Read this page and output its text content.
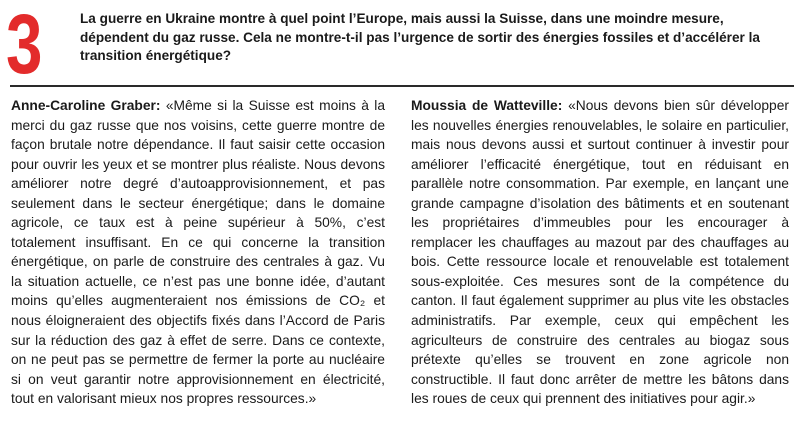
3	La guerre en Ukraine montre à quel point l’Europe, mais aussi la Suisse, dans une moindre mesure, dépendent du gaz russe. Cela ne montre-t-il pas l’urgence de sortir des énergies fossiles et d’accélérer la transition énergétique?
Anne-Caroline Graber: «Même si la Suisse est moins à la merci du gaz russe que nos voisins, cette guerre montre de façon brutale notre dépendance. Il faut saisir cette occasion pour ouvrir les yeux et se montrer plus réaliste. Nous devons améliorer notre degré d’autoapprovisionnement, et pas seulement dans le secteur énergétique; dans le domaine agricole, ce taux est à peine supérieur à 50%, c’est totalement insuffisant. En ce qui concerne la transition énergétique, on parle de construire des centrales à gaz. Vu la situation actuelle, ce n’est pas une bonne idée, d’autant moins qu’elles augmenteraient nos émissions de CO₂ et nous éloigneraient des objectifs fixés dans l’Accord de Paris sur la réduction des gaz à effet de serre. Dans ce contexte, on ne peut pas se permettre de fermer la porte au nucléaire si on veut garantir notre approvisionnement en électricité, tout en valorisant mieux nos propres ressources.»
Moussia de Watteville: «Nous devons bien sûr développer les nouvelles énergies renouvelables, le solaire en particulier, mais nous devons aussi et surtout continuer à investir pour améliorer l’efficacité énergétique, tout en réduisant en parallèle notre consommation. Par exemple, en lançant une grande campagne d’isolation des bâtiments et en soutenant les propriétaires d’immeubles pour les encourager à remplacer les chauffages au mazout par des chauffages au bois. Cette ressource locale et renouvelable est totalement sous-exploitée. Ces mesures sont de la compétence du canton. Il faut également supprimer au plus vite les obstacles administratifs. Par exemple, ceux qui empêchent les agriculteurs de construire des centrales au biogaz sous prétexte qu’elles se trouvent en zone agricole non constructible. Il faut donc arrêter de mettre les bâtons dans les roues de ceux qui prennent des initiatives pour agir.»
